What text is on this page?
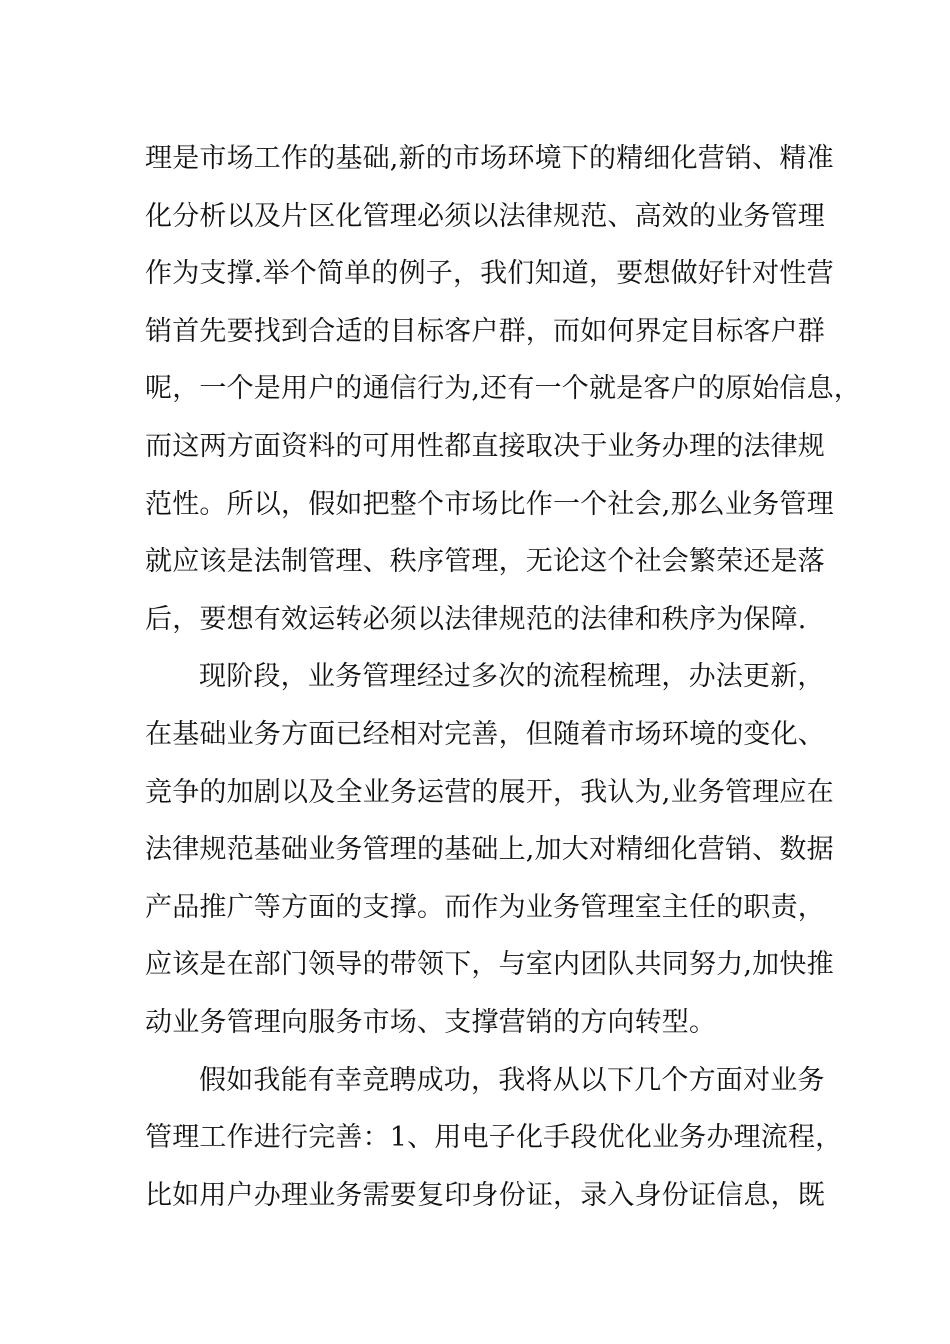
理是市场工作的基础,新的市场环境下的精细化营销、精准
化分析以及片区化管理必须以法律规范、高效的业务管理
作为支撑.举个简单的例子，我们知道，要想做好针对性营
销首先要找到合适的目标客户群，而如何界定目标客户群
呢，一个是用户的通信行为,还有一个就是客户的原始信息，
而这两方面资料的可用性都直接取决于业务办理的法律规
范性。所以，假如把整个市场比作一个社会,那么业务管理
就应该是法制管理、秩序管理，无论这个社会繁荣还是落
后，要想有效运转必须以法律规范的法律和秩序为保障.
现阶段，业务管理经过多次的流程梳理，办法更新，
在基础业务方面已经相对完善，但随着市场环境的变化、
竞争的加剧以及全业务运营的展开，我认为,业务管理应在
法律规范基础业务管理的基础上,加大对精细化营销、数据
产品推广等方面的支撑。而作为业务管理室主任的职责，
应该是在部门领导的带领下，与室内团队共同努力,加快推
动业务管理向服务市场、支撑营销的方向转型。
假如我能有幸竞聘成功，我将从以下几个方面对业务
管理工作进行完善：1、用电子化手段优化业务办理流程，
比如用户办理业务需要复印身份证，录入身份证信息，既
